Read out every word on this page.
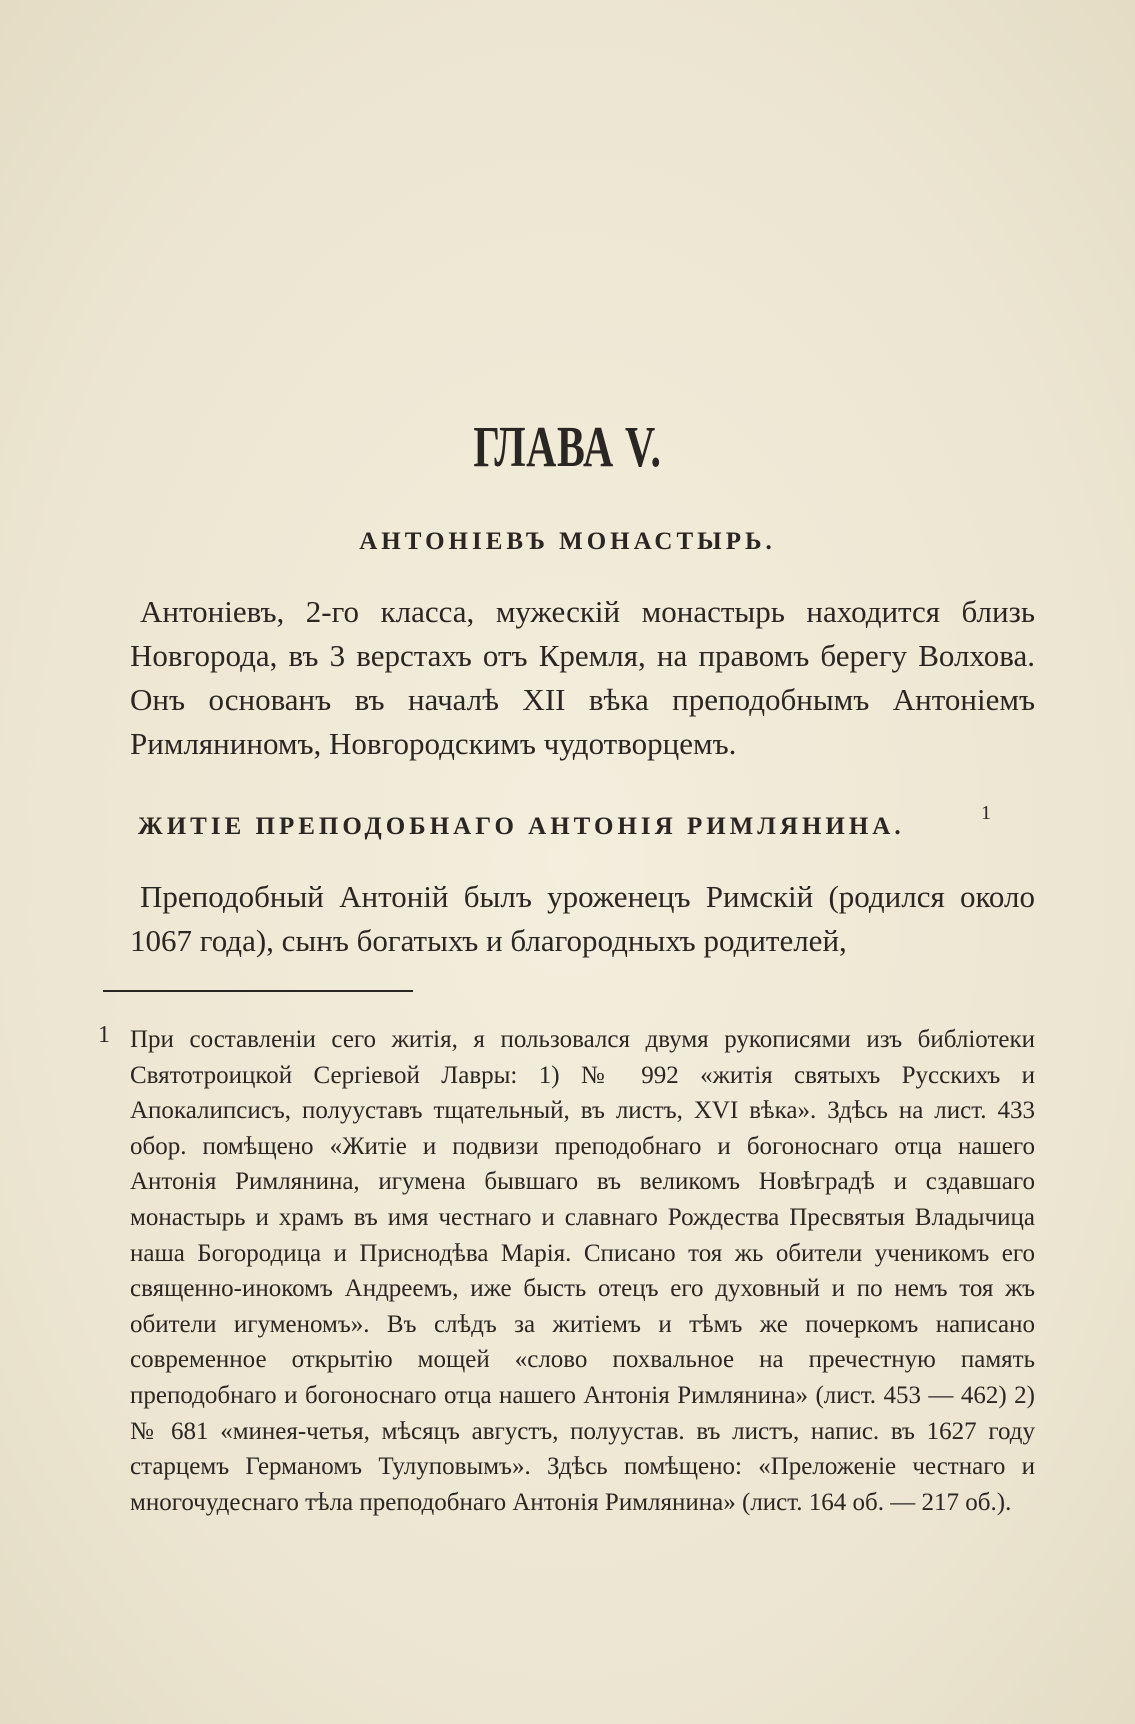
ГЛАВА V.
АНТОНІЕВЪ МОНАСТЫРЬ.

Антоніевъ, 2-го класса, мужескій монастырь находится близь Новгорода, въ 3 верстахъ отъ Кремля, на правомъ берегу Волхова. Онъ основанъ въ началѣ XII вѣка преподобнымъ Антоніемъ Римляниномъ, Новгородскимъ чудотворцемъ.

ЖИТІЕ ПРЕПОДОБНАГО АНТОНІЯ РИМЛЯНИНА.	1

Преподобный Антоній былъ уроженецъ Римскій (родился около 1067 года), сынъ богатыхъ и благородныхъ родителей,

1 При составленіи сего житія, я пользовался двумя рукописями изъ библіотеки Святотроицкой Сергіевой Лавры: 1) № 992 «житія святыхъ Русскихъ и Апокалипсисъ, полууставъ тщательный, въ листъ, XVI вѣка». Здѣсь на лист. 433 обор. помѣщено «Житіе и подвизи преподобнаго и богоноснаго отца нашего Антонія Римлянина, игумена бывшаго въ великомъ Новѣградѣ и сздавшаго монастырь и храмъ въ имя честнаго и славнаго Рождества Пресвятыя Владычица наша Богородица и Приснодѣва Марія. Списано тоя жь обители ученикомъ его священно-инокомъ Андреемъ, иже бысть отецъ его духовный и по немъ тоя жъ обители игуменомъ». Въ слѣдъ за житіемъ и тѣмъ же почеркомъ написано современное открытію мощей «слово похвальное на пречестную память преподобнаго и богоноснаго отца нашего Антонія Римлянина» (лист. 453 — 462) 2) № 681 «минея-четья, мѣсяцъ августъ, полуустав. въ листъ, напис. въ 1627 году старцемъ Германомъ Тулуповымъ». Здѣсь помѣщено: «Преложеніе честнаго и многочудеснаго тѣла преподобнаго Антонія Римлянина» (лист. 164 об. — 217 об.).
